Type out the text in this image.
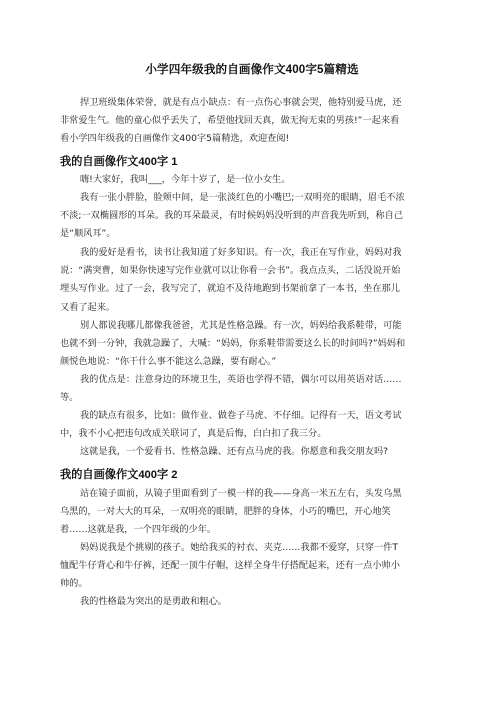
小学四年级我的自画像作文400字5篇精选
捍卫班级集体荣誉，就是有点小缺点：有一点伤心事就会哭，他特别爱马虎，还
非常爱生气。他的童心似乎丢失了，希望他找回天真，做无拘无束的男孩!”一起来看
看小学四年级我的自画像作文400字5篇精选，欢迎查阅!
我的自画像作文400字 1
嗨!大家好，我叫___，今年十岁了，是一位小女生。
我有一张小胖脸，脸颊中间，是一张淡红色的小嘴巴;一双明亮的眼睛，眉毛不浓
不淡;一双椭圆形的耳朵。我的耳朵最灵，有时候妈妈没听到的声音我先听到，称自己
是“顺风耳”。
我的爱好是看书，读书让我知道了好多知识。有一次，我正在写作业，妈妈对我
说：“满突曹，如果你快速写完作业就可以让你看一会书”。我点点头，二话没说开始
埋头写作业。过了一会，我写完了，就迫不及待地跑到书架前拿了一本书，坐在那儿
又看了起来。
别人都说我哪儿都像我爸爸，尤其是性格急躁。有一次，妈妈给我系鞋带，可能
也就不到一分钟，我就急躁了，大喊：“妈妈，你系鞋带需要这么长的时间吗?”妈妈和
颜悦色地说：“你干什么事不能这么急躁，要有耐心。”
我的优点是：注意身边的环境卫生，英语也学得不错，偶尔可以用英语对话……
等。
我的缺点有很多，比如：做作业、做卷子马虎、不仔细。记得有一天，语文考试
中，我不小心把违句改成关联词了，真是后悔，白白扣了我三分。
这就是我，一个爱看书、性格急躁、还有点马虎的我。你愿意和我交朋友吗?
我的自画像作文400字 2
站在镜子面前，从镜子里面看到了一模一样的我——身高一米五左右，头发乌黑
乌黑的，一对大大的耳朵，一双明亮的眼睛，肥胖的身体，小巧的嘴巴，开心地笑
着……这就是我，一个四年级的少年。
妈妈说我是个挑剔的孩子。她给我买的衬衣、夹克……我都不爱穿，只穿一件T
恤配牛仔背心和牛仔裤，还配一顶牛仔帽，这样全身牛仔搭配起来，还有一点小帅小
帅的。
我的性格最为突出的是勇敢和粗心。
